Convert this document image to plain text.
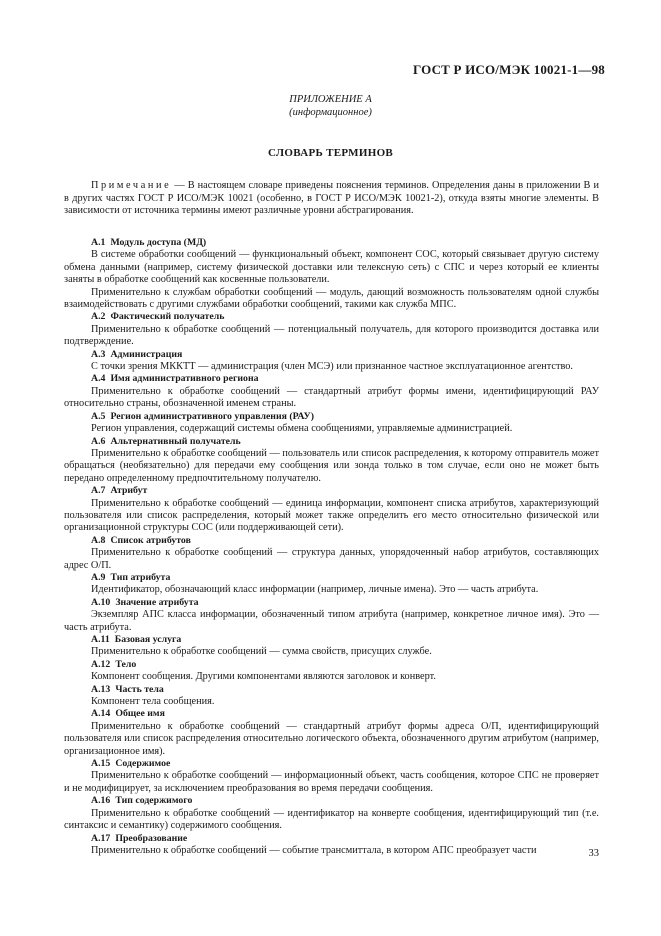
ГОСТ Р ИСО/МЭК 10021-1—98
ПРИЛОЖЕНИЕ А
(информационное)
СЛОВАРЬ ТЕРМИНОВ
Примечание — В настоящем словаре приведены пояснения терминов. Определения даны в приложении В и в других частях ГОСТ Р ИСО/МЭК 10021 (особенно, в ГОСТ Р ИСО/МЭК 10021-2), откуда взяты многие элементы. В зависимости от источника термины имеют различные уровни абстрагирования.
А.1 Модуль доступа (МД)

В системе обработки сообщений — функциональный объект, компонент СОС, который связывает другую систему обмена данными (например, систему физической доставки или телексную сеть) с СПС и через который ее клиенты заняты в обработке сообщений как косвенные пользователи.

Применительно к службам обработки сообщений — модуль, дающий возможность пользователям одной службы взаимодействовать с другими службами обработки сообщений, такими как служба МПС.

А.2 Фактический получатель

Применительно к обработке сообщений — потенциальный получатель, для которого производится доставка или подтверждение.

А.3 Администрация

С точки зрения МККТТ — администрация (член МСЭ) или признанное частное эксплуатационное агентство.

А.4 Имя административного региона

Применительно к обработке сообщений — стандартный атрибут формы имени, идентифицирующий РАУ относительно страны, обозначенной именем страны.

А.5 Регион административного управления (РАУ)

Регион управления, содержащий системы обмена сообщениями, управляемые администрацией.

А.6 Альтернативный получатель

Применительно к обработке сообщений — пользователь или список распределения, к которому отправитель может обращаться (необязательно) для передачи ему сообщения или зонда только в том случае, если оно не может быть передано определенному предпочтительному получателю.

А.7 Атрибут

Применительно к обработке сообщений — единица информации, компонент списка атрибутов, характеризующий пользователя или список распределения, который может также определить его место относительно физической или организационной структуры СОС (или поддерживающей сети).

А.8 Список атрибутов

Применительно к обработке сообщений — структура данных, упорядоченный набор атрибутов, составляющих адрес О/П.

А.9 Тип атрибута

Идентификатор, обозначающий класс информации (например, личные имена). Это — часть атрибута.

А.10 Значение атрибута

Экземпляр АПС класса информации, обозначенный типом атрибута (например, конкретное личное имя). Это — часть атрибута.

А.11 Базовая услуга

Применительно к обработке сообщений — сумма свойств, присущих службе.

А.12 Тело

Компонент сообщения. Другими компонентами являются заголовок и конверт.

А.13 Часть тела

Компонент тела сообщения.

А.14 Общее имя

Применительно к обработке сообщений — стандартный атрибут формы адреса О/П, идентифицирующий пользователя или список распределения относительно логического объекта, обозначенного другим атрибутом (например, организационное имя).

А.15 Содержимое

Применительно к обработке сообщений — информационный объект, часть сообщения, которое СПС не проверяет и не модифицирует, за исключением преобразования во время передачи сообщения.

А.16 Тип содержимого

Применительно к обработке сообщений — идентификатор на конверте сообщения, идентифицирующий тип (т.е. синтаксис и семантику) содержимого сообщения.

А.17 Преобразование

Применительно к обработке сообщений — событие трансмиттала, в котором АПС преобразует части	33
